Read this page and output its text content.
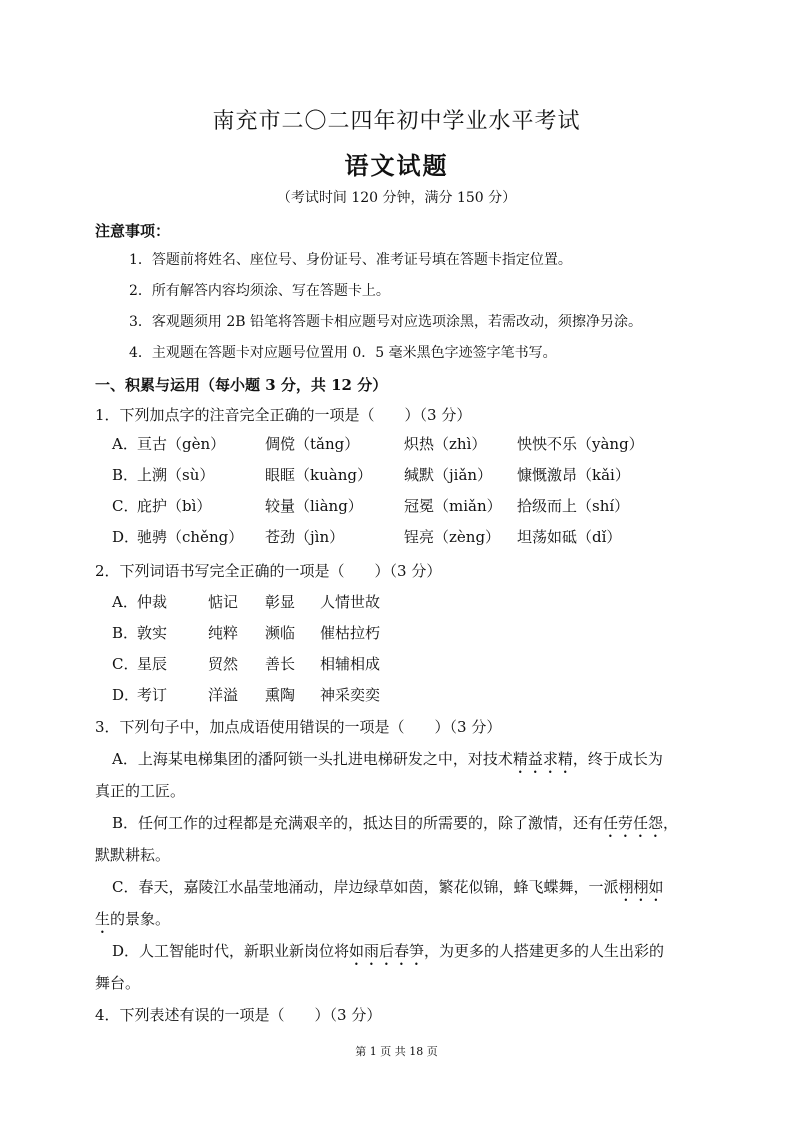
南充市二〇二四年初中学业水平考试
语文试题
（考试时间 120 分钟，满分 150 分）
注意事项：
1．答题前将姓名、座位号、身份证号、准考证号填在答题卡指定位置。
2．所有解答内容均须涂、写在答题卡上。
3．客观题须用 2B 铅笔将答题卡相应题号对应选项涂黑，若需改动，须擦净另涂。
4．主观题在答题卡对应题号位置用 0．5 毫米黑色字迹签字笔书写。
一、积累与运用（每小题 3 分，共 12 分）
1．下列加点字的注音完全正确的一项是（　　）（3 分）
A． 亘古（gèn）	倜傥（tǎng）	炽热（zhì） 怏怏不乐（yàng）
B．
上溯（sù）	眼眶（kuàng） 缄默（jiǎn） 慷慨激昂（kǎi）
C．
庇护（bì）	较量（liàng）	冠冕（miǎn） 拾级而上（shí）
D．
驰骋（chěng） 苍劲（jìn）	锃亮（zèng） 坦荡如砥（dǐ）
2．下列词语书写完全正确的一项是（　　）（3 分）
A． 仲裁	惦记 彰显 人情世故
B．
敦实	纯粹 濒临 催枯拉朽
C．
星辰	贸然 善长 相辅相成
D．
考订	洋溢 熏陶 神采奕奕
3．下列句子中，加点成语使用错误的一项是（　　）（3 分）
A．上海某电梯集团的潘阿锁一头扎进电梯研发之中，对技术精益求精，终于成长为
真正的工匠。
B．任何工作的过程都是充满艰辛的，抵达目的所需要的，除了激情，还有任劳任怨，
默默耕耘。
C．春天，嘉陵江水晶莹地涌动，岸边绿草如茵，繁花似锦，蜂飞蝶舞，一派栩栩如
生的景象。
D．人工智能时代，新职业新岗位将如雨后春笋，为更多的人搭建更多的人生出彩的
舞台。
4．下列表述有误的一项是（　　）（3 分）
第 1 页 共 18 页
